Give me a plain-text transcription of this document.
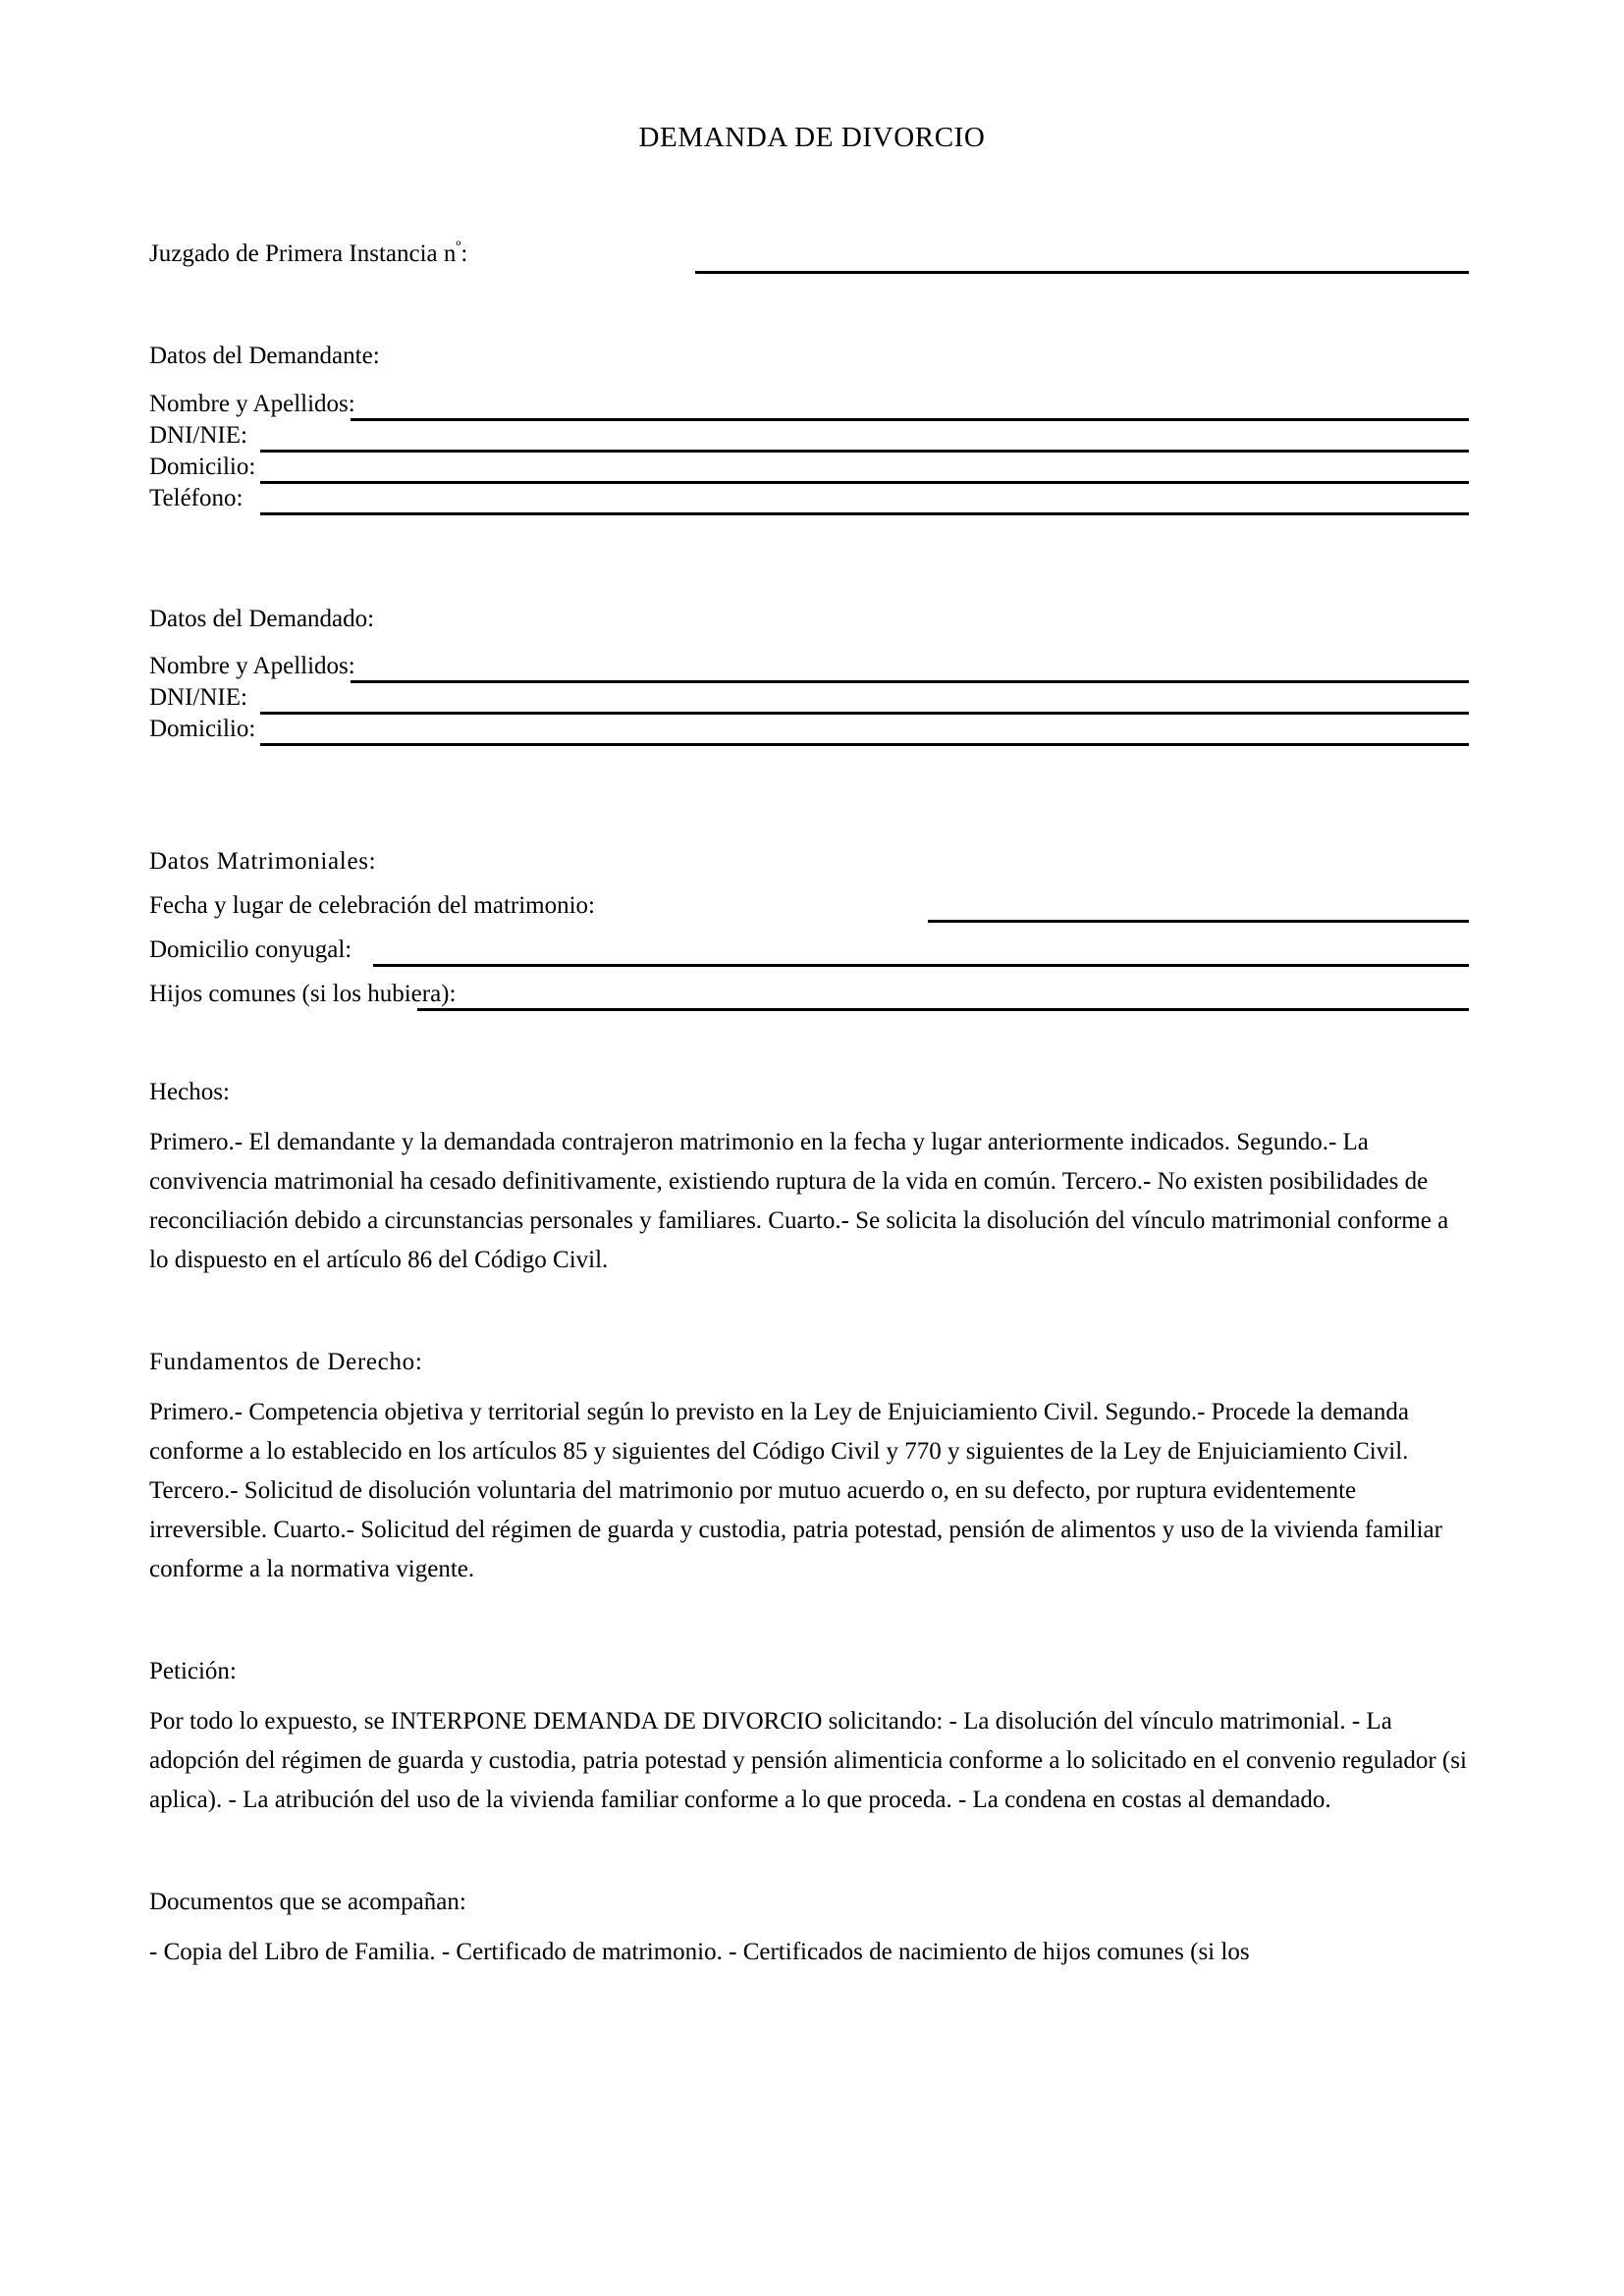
DEMANDA DE DIVORCIO
Juzgado de Primera Instancia $n^º$:
Datos del Demandante:
Nombre y Apellidos:
DNI/NIE:
Domicilio:
Teléfono:
Datos del Demandado:
Nombre y Apellidos:
DNI/NIE:
Domicilio:
Datos Matrimoniales:
Fecha y lugar de celebración del matrimonio:
Domicilio conyugal:
Hijos comunes (si los hubiera):
Hechos:
Primero.- El demandante y la demandada contrajeron matrimonio en la fecha y lugar anteriormente indicados. Segundo.- La convivencia matrimonial ha cesado definitivamente, existiendo ruptura de la vida en común. Tercero.- No existen posibilidades de reconciliación debido a circunstancias personales y familiares. Cuarto.- Se solicita la disolución del vínculo matrimonial conforme a lo dispuesto en el artículo 86 del Código Civil.
Fundamentos de Derecho:
Primero.- Competencia objetiva y territorial según lo previsto en la Ley de Enjuiciamiento Civil. Segundo.- Procede la demanda conforme a lo establecido en los artículos 85 y siguientes del Código Civil y 770 y siguientes de la Ley de Enjuiciamiento Civil. Tercero.- Solicitud de disolución voluntaria del matrimonio por mutuo acuerdo o, en su defecto, por ruptura evidentemente irreversible. Cuarto.- Solicitud del régimen de guarda y custodia, patria potestad, pensión de alimentos y uso de la vivienda familiar conforme a la normativa vigente.
Petición:
Por todo lo expuesto, se INTERPONE DEMANDA DE DIVORCIO solicitando: - La disolución del vínculo matrimonial. - La adopción del régimen de guarda y custodia, patria potestad y pensión alimenticia conforme a lo solicitado en el convenio regulador (si aplica). - La atribución del uso de la vivienda familiar conforme a lo que proceda. - La condena en costas al demandado.
Documentos que se acompañan:
- Copia del Libro de Familia. - Certificado de matrimonio. - Certificados de nacimiento de hijos comunes (si los
